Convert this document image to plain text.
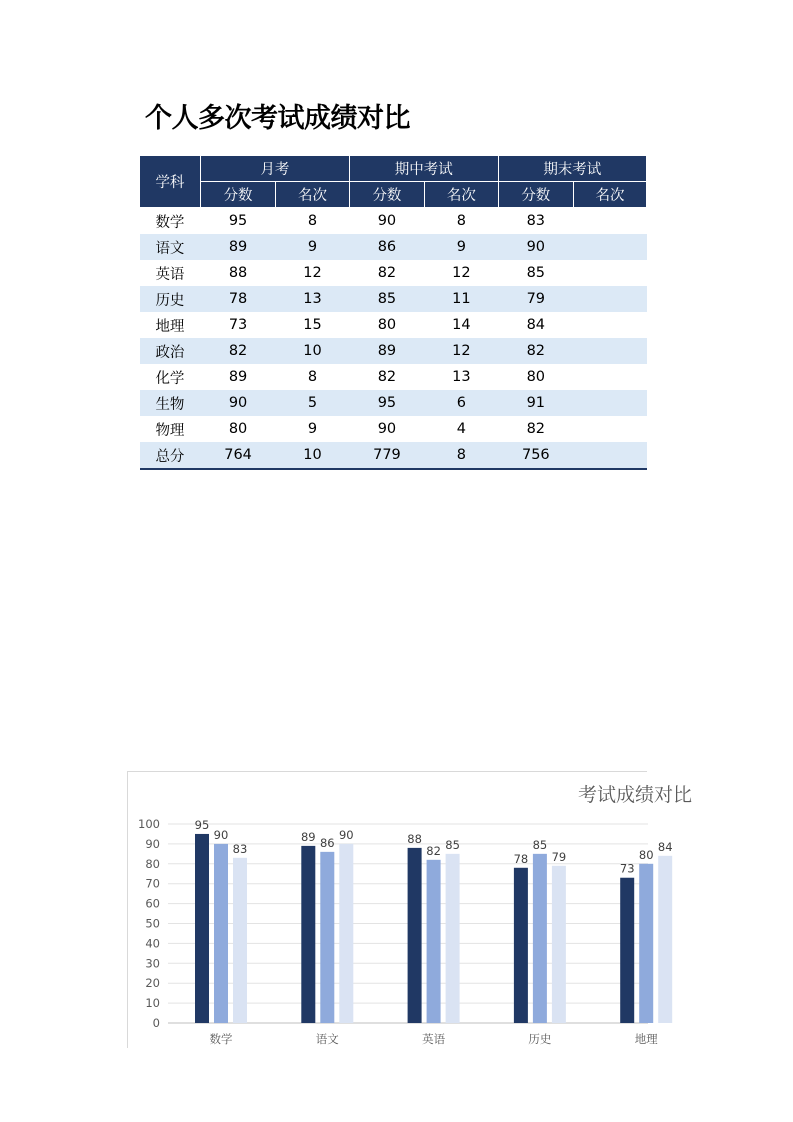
个人多次考试成绩对比
学科	月考		期中考试		期末考试	
	分数	名次	分数	名次	分数	名次
数学	95	8	90	8	83	
语文	89	9	86	9	90	
英语	88	12	82	12	85	
历史	78	13	85	11	79	
地理	73	15	80	14	84	
政治	82	10	89	12	82	
化学	89	8	82	13	80	
生物	90	5	95	6	91	
物理	80	9	90	4	82	
总分	764	10	779	8	756	
0
10
20
30
40
50
60
70
80
90
100	95
90
83
数学
89 86
90
语文
88
82 85
英语
78
85
79
历史
73
80
84
地理
考试成绩对比
